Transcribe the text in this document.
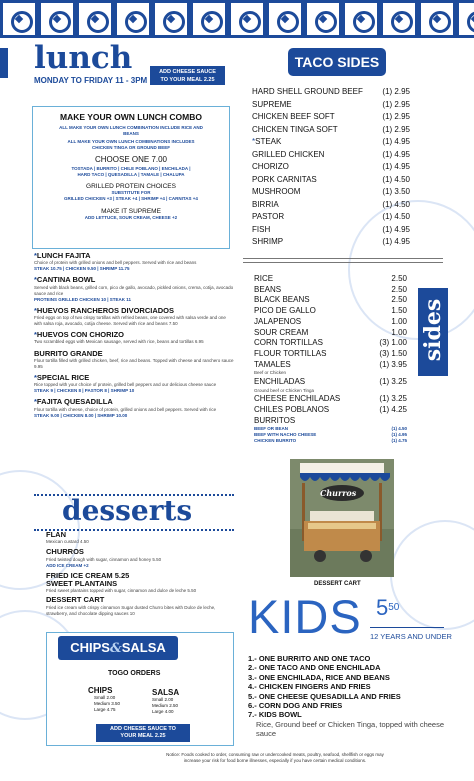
lunch
MONDAY TO FRIDAY 11 - 3PM
ADD CHEESE SAUCE TO YOUR MEAL 2.25
TACO SIDES
MAKE YOUR OWN LUNCH COMBO
ALL MAKE YOUR OWN LUNCH COMBINATION INCLUDE RICE AND BEANS
ALL MAKE YOUR OWN LUNCH COMBINATIONS INCLUDES CHICKEN TINGA OR GROUND BEEF
CHOOSE ONE 7.00
TOSTADA | BURRITO | CHILE POBLANO | ENCHILADA |
HARD TACO | QUESADILLA | TAMALE | CHALUPA
GRILLED PROTEIN CHOICES
SUBSTITUTE FOR
GRILLED CHICKEN +3 | STEAK +4 | SHRIMP +4 | CARNITAS +4
MAKE IT SUPREME
ADD LETTUCE, SOUR CREAM, CHEESE +2
*LUNCH FAJITA
Choice of protein with grilled onions and bell peppers. Served with rice and beans
STEAK 10.75 | CHICKEN 9.50 | SHRIMP 11.75
*CANTINA BOWL
Served with black beans, grilled corn, pico de gallo, avocado, pickled onions, crema, cotija, avocado sauce and rice
PROTEINS GRILLED CHICKEN 10 | STEAK 11
*HUEVOS RANCHEROS DIVORCIADOS
Fried eggs on top of two crispy tortillas with refried beans, one covered with salsa verde and one with salsa roja, avocado, cotija cheese. Served with rice and beans 7.50
*HUEVOS CON CHORIZO
Two scrambled eggs with Mexican sausage, served with rice, beans and tortillas 6.95
BURRITO GRANDE
Flour tortilla filled with grilled chicken, beef, rice and beans. Topped with cheese and ranchero sauce 9.95
*SPECIAL RICE
Rice topped with your choice of protein, grilled bell peppers and our delicious cheese sauce
STEAK 9 | CHICKEN 8 | PASTOR 8 | SHRIMP 10
*FAJITA QUESADILLA
Flour tortilla with cheese, choice of protein, grilled onions and bell peppers. Served with rice
STEAK 9.00 | CHICKEN 8.00 | SHRIMP 10.00
desserts
FLAN
Mexican custard 4.50
CHURROS
Fried twisted dough with sugar, cinnamon and honey 5.50
ADD ICE CREAM +2
FRIED ICE CREAM 5.25
SWEET PLANTAINS
Fried sweet plantains topped with sugar, cinnamon and dulce de leche 5.50
DESSERT CART
Fried ice cream with crispy cinnamon Sugar dusted Churro bites with Dulce de leche, strawberry, and chocolate dipping sauces 10
CHIPS&SALSA
TOGO ORDERS
CHIPS
Small 2.00
Medium 3.50
Large 4.75
SALSA
Small 2.00
Medium 2.50
Large 4.00
ADD CHEESE SAUCE TO YOUR MEAL 2.25
HARD SHELL GROUND BEEF (1) 2.95
SUPREME	(1) 2.95
CHICKEN BEEF SOFT	(1) 2.95
CHICKEN TINGA SOFT	(1) 2.95
*STEAK	(1) 4.95
GRILLED CHICKEN	(1) 4.95
CHORIZO	(1) 4.95
PORK CARNITAS	(1) 4.50
MUSHROOM	(1) 3.50
BIRRIA	(1) 4.50
PASTOR	(1) 4.50
FISH	(1) 4.95
SHRIMP	(1) 4.95
sides
RICE	2.50
BEANS	2.50
BLACK BEANS	2.50
PICO DE GALLO	1.50
JALAPENOS	1.00
SOUR CREAM	1.00
CORN TORTILLAS	(3) 1.00
FLOUR TORTILLAS	(3) 1.50
TAMALES	(1) 3.95
Beef or Chicken
ENCHILADAS	(1) 3.25
Ground beef or Chicken Tinga
CHEESE ENCHILADAS	(1) 3.25
CHILES POBLANOS	(1) 4.25
BURRITOS
BEEF OR BEAN	(1) 4.50
BEEF WITH NACHO CHEESE	(1) 4.95
CHICKEN BURRITO	(1) 4.75
Churros
DESSERT CART
KIDS $5^{50}$
12 YEARS AND UNDER
1.- ONE BURRITO AND ONE TACO
2.- ONE TACO AND ONE ENCHILADA
3.- ONE ENCHILADA, RICE AND BEANS
4.- CHICKEN FINGERS AND FRIES
5.- ONE CHEESE QUESADILLA AND FRIES
6.- CORN DOG AND FRIES
7.- KIDS BOWL
Rice, Ground beef or Chicken Tinga, topped with cheese sauce
Notice: Foods cooked to order, consuming raw or undercooked meats, poultry, seafood, shellfish or eggs may increase your risk for food borne illnesses, especially if you have certain medical conditions.
